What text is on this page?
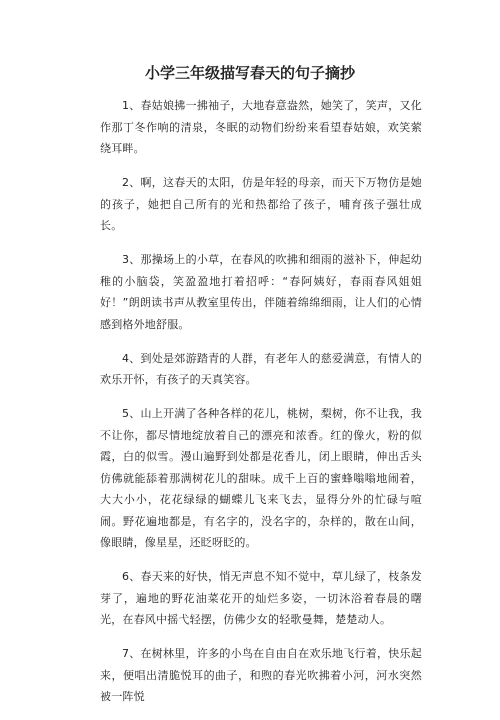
小学三年级描写春天的句子摘抄

1、春姑娘拂一拂袖子，大地春意盎然，她笑了，笑声，又化作那丁冬作响的清泉，冬眠的动物们纷纷来看望春姑娘，欢笑萦绕耳畔。

2、啊，这春天的太阳，仿是年轻的母亲，而天下万物仿是她的孩子，她把自己所有的光和热都给了孩子，哺育孩子强壮成长。

3、那操场上的小草，在春风的吹拂和细雨的滋补下，伸起幼稚的小脑袋，笑盈盈地打着招呼：“春阿姨好，春雨春风姐姐好！”朗朗读书声从教室里传出，伴随着绵绵细雨，让人们的心情感到格外地舒服。

4、到处是郊游踏青的人群，有老年人的慈爱满意，有情人的欢乐开怀，有孩子的天真笑容。

5、山上开满了各种各样的花儿，桃树，梨树，你不让我，我不让你，都尽情地绽放着自己的漂亮和浓香。红的像火，粉的似霞，白的似雪。漫山遍野到处都是花香儿，闭上眼睛，伸出舌头仿佛就能舔着那满树花儿的甜味。成千上百的蜜蜂嗡嗡地闹着，大大小小，花花绿绿的蝴蝶儿飞来飞去，显得分外的忙碌与喧闹。野花遍地都是，有名字的，没名字的，杂样的，散在山间，像眼睛，像星星，还眨呀眨的。

6、春天来的好快，悄无声息不知不觉中，草儿绿了，枝条发芽了，遍地的野花油菜花开的灿烂多姿，一切沐浴着春晨的曙光，在春风中摇弋轻摆，仿佛少女的轻歌曼舞，楚楚动人。

7、在树林里，许多的小鸟在自由自在欢乐地飞行着，快乐起来，便唱出清脆悦耳的曲子，和煦的春光吹拂着小河，河水突然被一阵悦
